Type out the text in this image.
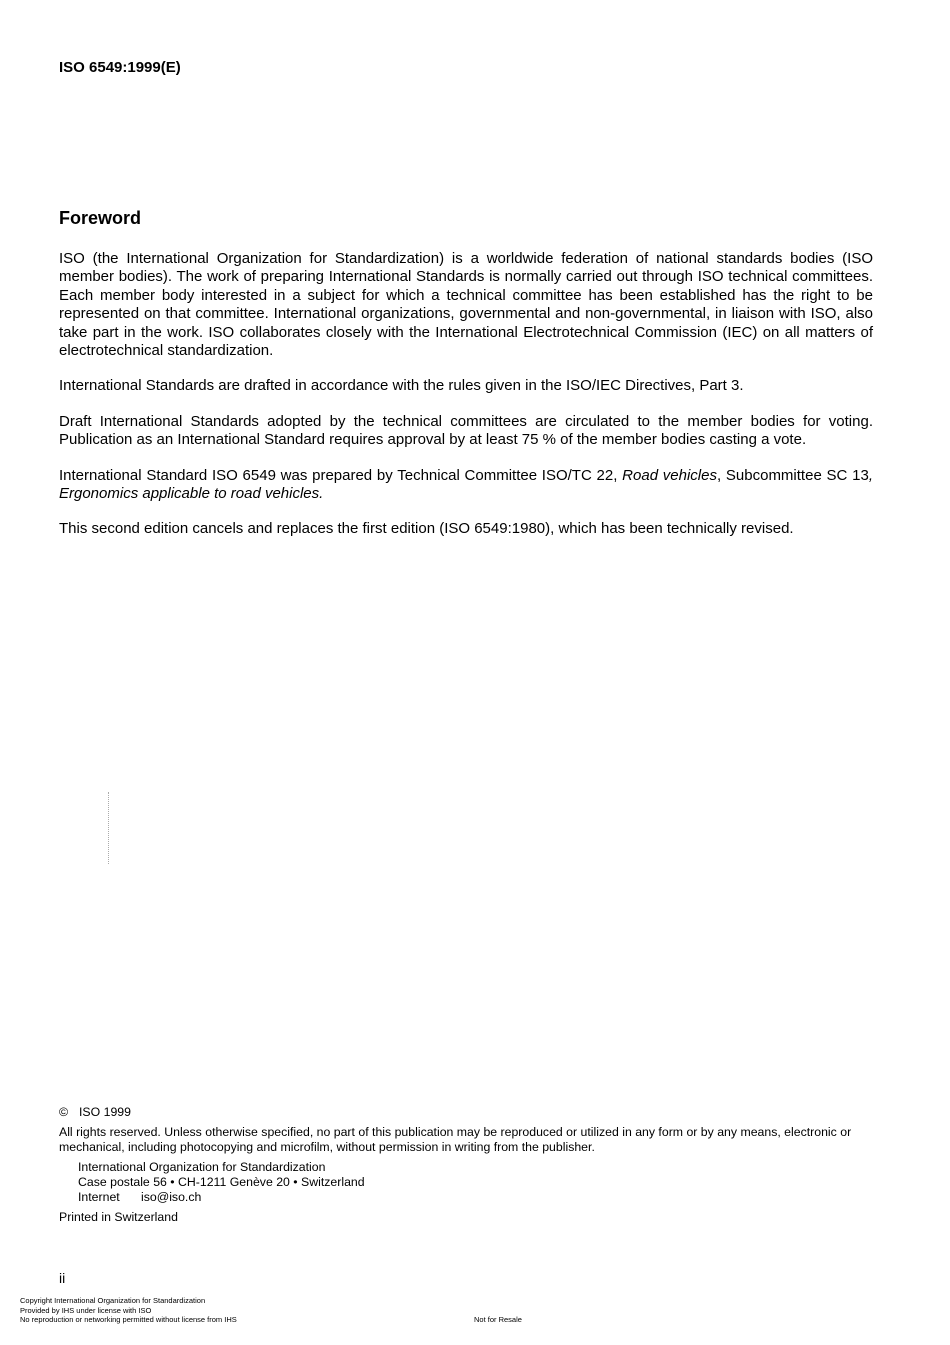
ISO 6549:1999(E)
Foreword

ISO (the International Organization for Standardization) is a worldwide federation of national standards bodies (ISO member bodies). The work of preparing International Standards is normally carried out through ISO technical committees. Each member body interested in a subject for which a technical committee has been established has the right to be represented on that committee. International organizations, governmental and non-governmental, in liaison with ISO, also take part in the work. ISO collaborates closely with the International Electrotechnical Commission (IEC) on all matters of electrotechnical standardization.

International Standards are drafted in accordance with the rules given in the ISO/IEC Directives, Part 3.

Draft International Standards adopted by the technical committees are circulated to the member bodies for voting. Publication as an International Standard requires approval by at least 75 % of the member bodies casting a vote.

International Standard ISO 6549 was prepared by Technical Committee ISO/TC 22, Road vehicles, Subcommittee SC 13, Ergonomics applicable to road vehicles.

This second edition cancels and replaces the first edition (ISO 6549:1980), which has been technically revised.

© ISO 1999
All rights reserved. Unless otherwise specified, no part of this publication may be reproduced or utilized in any form or by any means, electronic or mechanical, including photocopying and microfilm, without permission in writing from the publisher.
International Organization for Standardization
Case postale 56 • CH-1211 Genève 20 • Switzerland
Internet iso@iso.ch
Printed in Switzerland
ii
Copyright International Organization for Standardization
Provided by IHS under license with ISO
No reproduction or networking permitted without license from IHS	Not for Resale
